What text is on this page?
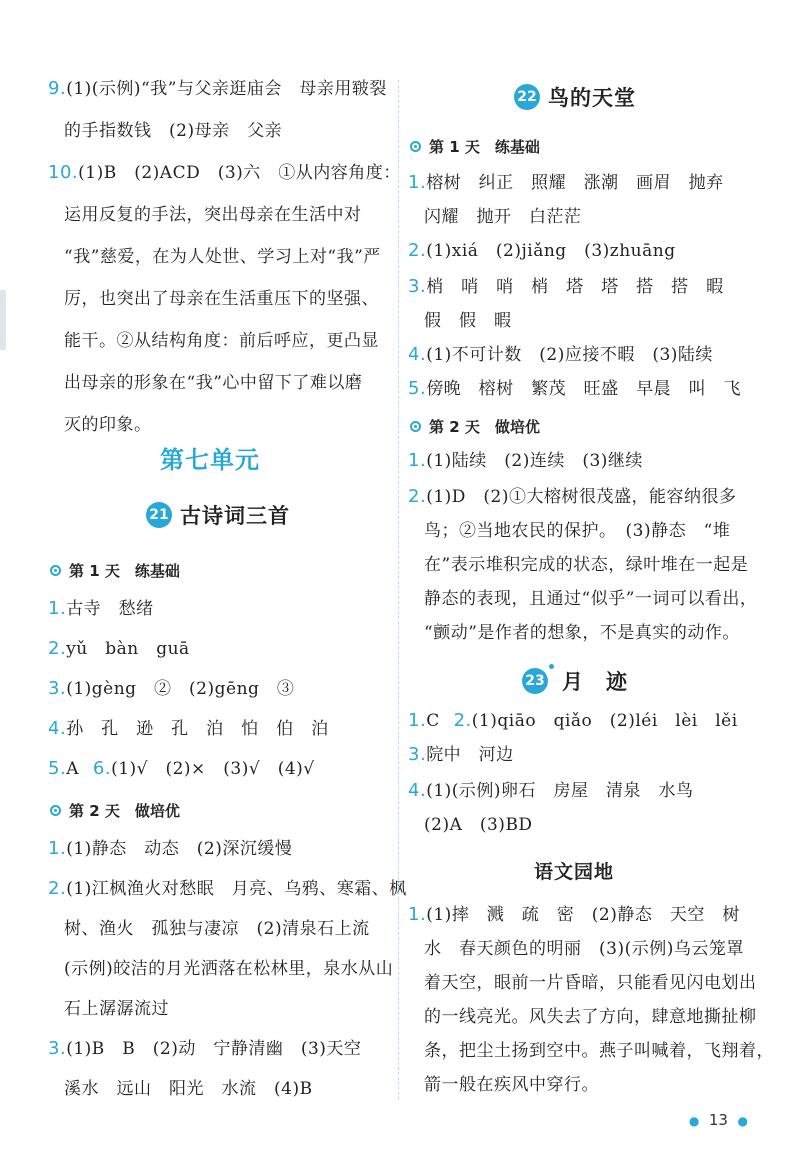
9.(1)(示例)“我”与父亲逛庙会　母亲用皲裂
的手指数钱　(2)母亲　父亲
10.(1)B　(2)ACD　(3)六　①从内容角度：
运用反复的手法，突出母亲在生活中对
“我”慈爱，在为人处世、学习上对“我”严
厉，也突出了母亲在生活重压下的坚强、
能干。②从结构角度：前后呼应，更凸显
出母亲的形象在“我”心中留下了难以磨
灭的印象。
第七单元
21 古诗词三首
第 1 天　练基础
1.古寺　愁绪
2.yǔ　bàn　guā
3.(1)gèng　②　(2)gēng　③
4.孙　孔　逊　孔　泊　怕　伯　泊
5.A 6.(1)√　(2)×　(3)√　(4)√
第 2 天　做培优
1.(1)静态　动态　(2)深沉缓慢
2.(1)江枫渔火对愁眠　月亮、乌鸦、寒霜、枫
树、渔火　孤独与凄凉　(2)清泉石上流
(示例)皎洁的月光洒落在松林里，泉水从山
石上潺潺流过
3.(1)B　B　(2)动　宁静清幽　(3)天空
溪水　远山　阳光　水流　(4)B
22 鸟的天堂
第 1 天　练基础
1.榕树　纠正　照耀　涨潮　画眉　抛弃
闪耀　抛开　白茫茫
2.(1)xiá　(2)jiǎng　(3)zhuāng
3.梢　哨　哨　梢　塔　塔　搭　搭　暇
假　假　暇
4.(1)不可计数　(2)应接不暇　(3)陆续
5.傍晚　榕树　繁茂　旺盛　早晨　叫　飞
第 2 天　做培优
1.(1)陆续　(2)连续　(3)继续
2.(1)D　(2)①大榕树很茂盛，能容纳很多
鸟；②当地农民的保护。　(3)静态　“堆
在”表示堆积完成的状态，绿叶堆在一起是
静态的表现，且通过“似乎”一词可以看出，
“颤动”是作者的想象，不是真实的动作。
23 月　迹
1.C 2.(1)qiāo　qiǎo　(2)léi　lèi　lěi
3.院中　河边
4.(1)(示例)卵石　房屋　清泉　水鸟
(2)A　(3)BD
语文园地
1.(1)摔　溅　疏　密　(2)静态　天空　树
水　春天颜色的明丽　(3)(示例)乌云笼罩
着天空，眼前一片昏暗，只能看见闪电划出
的一线亮光。风失去了方向，肆意地撕扯柳
条，把尘土扬到空中。燕子叫喊着，飞翔着，
箭一般在疾风中穿行。
● 13 ●
